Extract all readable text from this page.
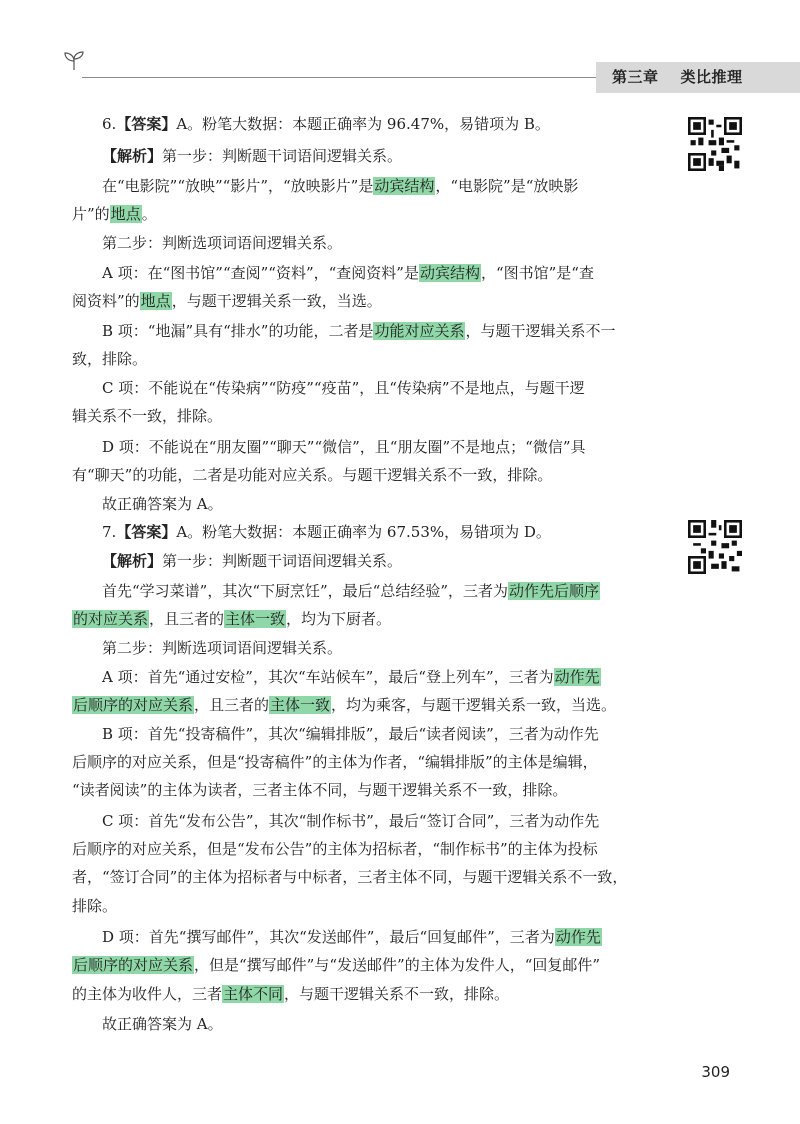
第三章 类比推理
6.【答案】A。粉笔大数据：本题正确率为 96.47%，易错项为 B。
【解析】第一步：判断题干词语间逻辑关系。
在“电影院”“放映”“影片”，“放映影片”是动宾结构，“电影院”是“放映影
片”的地点。
第二步：判断选项词语间逻辑关系。
A 项：在“图书馆”“查阅”“资料”，“查阅资料”是动宾结构，“图书馆”是“查
阅资料”的地点，与题干逻辑关系一致，当选。
B 项：“地漏”具有“排水”的功能，二者是功能对应关系，与题干逻辑关系不一
致，排除。
C 项：不能说在“传染病”“防疫”“疫苗”，且“传染病”不是地点，与题干逻
辑关系不一致，排除。
D 项：不能说在“朋友圈”“聊天”“微信”，且“朋友圈”不是地点；“微信”具
有“聊天”的功能，二者是功能对应关系。与题干逻辑关系不一致，排除。
故正确答案为 A。
7.【答案】A。粉笔大数据：本题正确率为 67.53%，易错项为 D。
【解析】第一步：判断题干词语间逻辑关系。
首先“学习菜谱”，其次“下厨烹饪”，最后“总结经验”，三者为动作先后顺序
的对应关系，且三者的主体一致，均为下厨者。
第二步：判断选项词语间逻辑关系。
A 项：首先“通过安检”，其次“车站候车”，最后“登上列车”，三者为动作先
后顺序的对应关系，且三者的主体一致，均为乘客，与题干逻辑关系一致，当选。
B 项：首先“投寄稿件”，其次“编辑排版”，最后“读者阅读”，三者为动作先
后顺序的对应关系，但是“投寄稿件”的主体为作者，“编辑排版”的主体是编辑，
“读者阅读”的主体为读者，三者主体不同，与题干逻辑关系不一致，排除。
C 项：首先“发布公告”，其次“制作标书”，最后“签订合同”，三者为动作先
后顺序的对应关系，但是“发布公告”的主体为招标者，“制作标书”的主体为投标
者，“签订合同”的主体为招标者与中标者，三者主体不同，与题干逻辑关系不一致，
排除。
D 项：首先“撰写邮件”，其次“发送邮件”，最后“回复邮件”，三者为动作先
后顺序的对应关系，但是“撰写邮件”与“发送邮件”的主体为发件人，“回复邮件”
的主体为收件人，三者主体不同，与题干逻辑关系不一致，排除。
故正确答案为 A。
309
